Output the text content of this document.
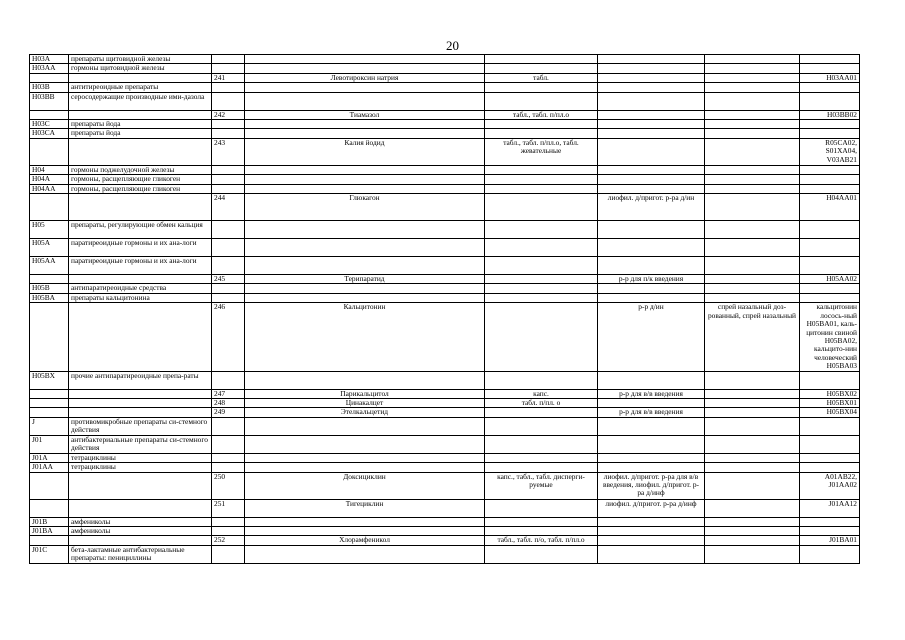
20
H03A	препараты щитовидной железы						
H03AA	гормоны щитовидной железы						
		241	Левотироксин натрия	табл.			H03AA01
H03B	антитиреоидные препараты						
H03BB	серосодержащие производные ими-дазола						
		242	Тиамазол	табл., табл. п/пл.о			H03BB02
H03C	препараты йода						
H03CA	препараты йода						
		243	Калия йодид	табл., табл. п/пл.о, табл. жевательные			R05CA02, S01XA04, V03AB21
H04	гормоны поджелудочной железы						
H04A	гормоны, расщепляющие гликоген						
H04AA	гормоны, расщепляющие гликоген						
		244	Глюкагон		лиофил. д/пригот. р-ра д/ин		H04AA01
H05	препараты, регулирующие обмен кальция						
H05A	паратиреоидные гормоны и их ана-логи						
H05AA	паратиреоидные гормоны и их ана-логи						
		245	Терипаратид		р-р для п/к введения		H05AA02
H05B	антипаратиреоидные средства						
H05BA	препараты кальцитонина						
		246	Кальцитонин		р-р д/ин	спрей назальный доз-рованный, спрей назальный	кальцитонин лосось-ный H05BA01, каль-цитонин свиной H05BA02, кальцито-нин человеческий H05BA03
H05BX	прочие антипаратиреоидные препа-раты						
		247	Парикальцитол	капс.	р-р для в/в введения		H05BX02
		248	Цинакалцет	табл. п/пл. о			H05BX01
		249	Этелкальцетид		р-р для в/в введения		H05BX04
J	противомикробные препараты си-стемного действия						
J01	антибактериальные препараты си-стемного действия						
J01A	тетрациклины						
J01AA	тетрациклины						
		250	Доксициклин	капс., табл., табл. дисперги-руемые	лиофил. д/пригот. р-ра для в/в введения, лиофил. д/пригот. р-ра д/инф		A01AB22, J01AA02
		251	Тигециклин		лиофил. д/пригот. р-ра д/инф		J01AA12
J01B	амфениколы						
J01BA	амфениколы						
		252	Хлорамфеникол	табл., табл. п/о, табл. п/пл.о			J01BA01
J01C	бета-лактамные антибактериальные препараты: пенициллины						
